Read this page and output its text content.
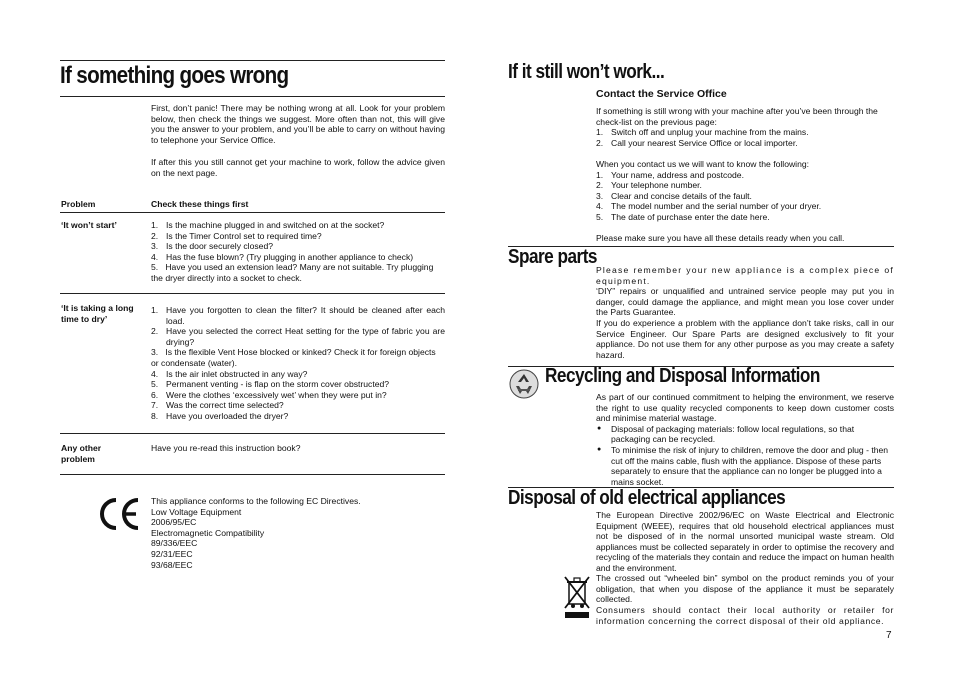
If something goes wrong
First, don’t panic! There may be nothing wrong at all. Look for your problem below, then check the things we suggest. More often than not, this will give you the answer to your problem, and you’ll be able to carry on without having to telephone your Service Office.
If after this you still cannot get your machine to work, follow the advice given on the next page.
Problem	Check these things first
‘It won’t start’	1. Is the machine plugged in and switched on at the socket?
2. Is the Timer Control set to required time?
3. Is the door securely closed?
4. Has the fuse blown? (Try plugging in another appliance to check)
5. Have you used an extension lead? Many are not suitable. Try plugging the dryer directly into a socket to check.
‘It is taking a long time to dry’
1. Have you forgotten to clean the filter? It should be cleaned after each load.
2. Have you selected the correct Heat setting for the type of fabric you are drying?
3. Is the flexible Vent Hose blocked or kinked? Check it for foreign objects or condensate (water).
4. Is the air inlet obstructed in any way?
5. Permanent venting - is flap on the storm cover obstructed?
6. Were the clothes ‘excessively wet’ when they were put in?
7. Was the correct time selected?
8. Have you overloaded the dryer?
Any other problem
Have you re-read this instruction book?
This appliance conforms to the following EC Directives.
Low Voltage Equipment
2006/95/EC
Electromagnetic Compatibility
89/336/EEC
92/31/EEC
93/68/EEC
If it still won’t work...
Contact the Service Office

If something is still wrong with your machine after you’ve been through the check-list on the previous page:

1. Switch off and unplug your machine from the mains.
2. Call your nearest Service Office or local importer.

When you contact us we will want to know the following:

1. Your name, address and postcode.
2. Your telephone number.
3. Clear and concise details of the fault.
4. The model number and the serial number of your dryer.
5. The date of purchase enter the date here.

Please make sure you have all these details ready when you call.

Spare parts

Please remember your new appliance is a complex piece of equipment.

‘DIY” repairs or unqualified and untrained service people may put you in danger, could damage the appliance, and might mean you lose cover under the Parts Guarantee.

If you do experience a problem with the appliance don’t take risks, call in our Service Engineer. Our Spare Parts are designed exclusively to fit your appliance. Do not use them for any other purpose as you may create a safety hazard.

Recycling and Disposal Information

As part of our continued commitment to helping the environment, we reserve the right to use quality recycled components to keep down customer costs and minimise material wastage.

● Disposal of packaging materials: follow local regulations, so that packaging can be recycled.
● To minimise the risk of injury to children, remove the door and plug - then cut off the mains cable, flush with the appliance. Dispose of these parts separately to ensure that the appliance can no longer be plugged into a mains socket.
Disposal of old electrical appliances
The European Directive 2002/96/EC on Waste Electrical and Electronic Equipment (WEEE), requires that old household electrical appliances must not be disposed of in the normal unsorted municipal waste stream. Old appliances must be collected separately in order to optimise the recovery and recycling of the materials they contain and reduce the impact on human health and the environment.
The crossed out “wheeled bin” symbol on the product reminds you of your obligation, that when you dispose of the appliance it must be separately collected.
Consumers should contact their local authority or retailer for information concerning the correct disposal of their old appliance.
7
